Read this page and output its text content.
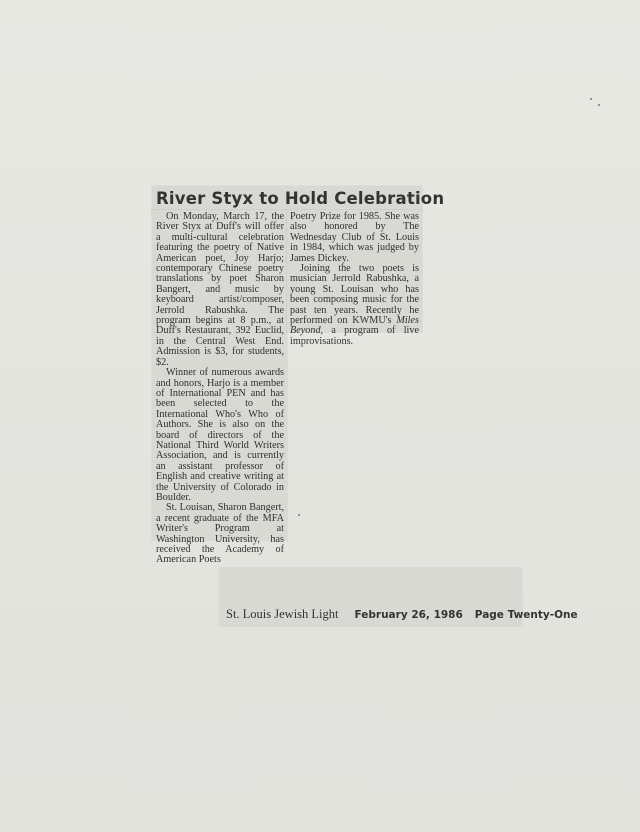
River Styx to Hold Celebration

On Monday, March 17, the River Styx at Duff's will offer a multi-cultural celebration featuring the poetry of Native American poet, Joy Harjo; contemporary Chinese poetry translations by poet Sharon Bangert, and music by keyboard artist/composer, Jerrold Rabushka. The program begins at 8 p.m., at Duff's Restaurant, 392 Euclid, in the Central West End. Admission is $3, for students, $2.

Winner of numerous awards and honors, Harjo is a member of International PEN and has been selected to the International Who's Who of Authors. She is also on the board of directors of the National Third World Writers Association, and is currently an assistant professor of English and creative writing at the University of Colorado in Boulder.

St. Louisan, Sharon Bangert, a recent graduate of the MFA Writer's Program at Washington University, has received the Academy of American Poets

Poetry Prize for 1985. She was also honored by The Wednesday Club of St. Louis in 1984, which was judged by James Dickey.

Joining the two poets is musician Jerrold Rabushka, a young St. Louisan who has been composing music for the past ten years. Recently he performed on KWMU's Miles Beyond, a program of live improvisations.

St. Louis Jewish Light February 26, 1986 Page Twenty-One
